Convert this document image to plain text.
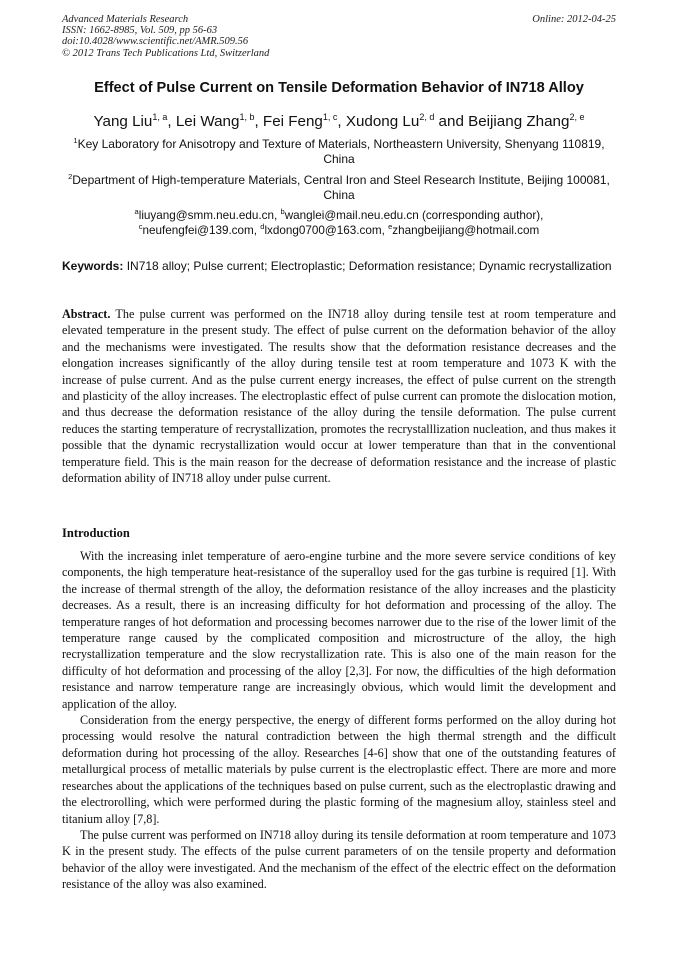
Advanced Materials Research
ISSN: 1662-8985, Vol. 509, pp 56-63
doi:10.4028/www.scientific.net/AMR.509.56
© 2012 Trans Tech Publications Ltd, Switzerland
Online: 2012-04-25
Effect of Pulse Current on Tensile Deformation Behavior of IN718 Alloy
Yang Liu$^{1, a}$, Lei Wang$^{1, b}$, Fei Feng$^{1, c}$, Xudong Lu$^{2, d}$ and Beijiang Zhang$^{2, e}$
$^1$Key Laboratory for Anisotropy and Texture of Materials, Northeastern University, Shenyang 110819, China
$^2$Department of High-temperature Materials, Central Iron and Steel Research Institute, Beijing 100081, China
$^a$liuyang@smm.neu.edu.cn, $^b$wanglei@mail.neu.edu.cn (corresponding author),
$^c$neufengfei@139.com, $^d$lxdong0700@163.com, $^e$zhangbeijiang@hotmail.com
Keywords: IN718 alloy; Pulse current; Electroplastic; Deformation resistance; Dynamic recrystallization
Abstract. The pulse current was performed on the IN718 alloy during tensile test at room temperature and elevated temperature in the present study. The effect of pulse current on the deformation behavior of the alloy and the mechanisms were investigated. The results show that the deformation resistance decreases and the elongation increases significantly of the alloy during tensile test at room temperature and 1073 K with the increase of pulse current. And as the pulse current energy increases, the effect of pulse current on the strength and plasticity of the alloy increases. The electroplastic effect of pulse current can promote the dislocation motion, and thus decrease the deformation resistance of the alloy during the tensile deformation. The pulse current reduces the starting temperature of recrystallization, promotes the recrystalllization nucleation, and thus makes it possible that the dynamic recrystallization would occur at lower temperature than that in the conventional temperature field. This is the main reason for the decrease of deformation resistance and the increase of plastic deformation ability of IN718 alloy under pulse current.
Introduction

With the increasing inlet temperature of aero-engine turbine and the more severe service conditions of key components, the high temperature heat-resistance of the superalloy used for the gas turbine is required [1]. With the increase of thermal strength of the alloy, the deformation resistance of the alloy increases and the plasticity decreases. As a result, there is an increasing difficulty for hot deformation and processing of the alloy. The temperature ranges of hot deformation and processing becomes narrower due to the rise of the lower limit of the temperature range caused by the complicated composition and microstructure of the alloy, the high recrystallization temperature and the slow recrystallization rate. This is also one of the main reason for the difficulty of hot deformation and processing of the alloy [2,3]. For now, the difficulties of the high deformation resistance and narrow temperature range are increasingly obvious, which would limit the development and application of the alloy.

Consideration from the energy perspective, the energy of different forms performed on the alloy during hot processing would resolve the natural contradiction between the high thermal strength and the difficult deformation during hot processing of the alloy. Researches [4-6] show that one of the outstanding features of metallurgical process of metallic materials by pulse current is the electroplastic effect. There are more and more researches about the applications of the techniques based on pulse current, such as the electroplastic drawing and the electrorolling, which were performed during the plastic forming of the magnesium alloy, stainless steel and titanium alloy [7,8].

The pulse current was performed on IN718 alloy during its tensile deformation at room temperature and 1073 K in the present study. The effects of the pulse current parameters of on the tensile property and deformation behavior of the alloy were investigated. And the mechanism of the effect of the electric effect on the deformation resistance of the alloy was also examined.
